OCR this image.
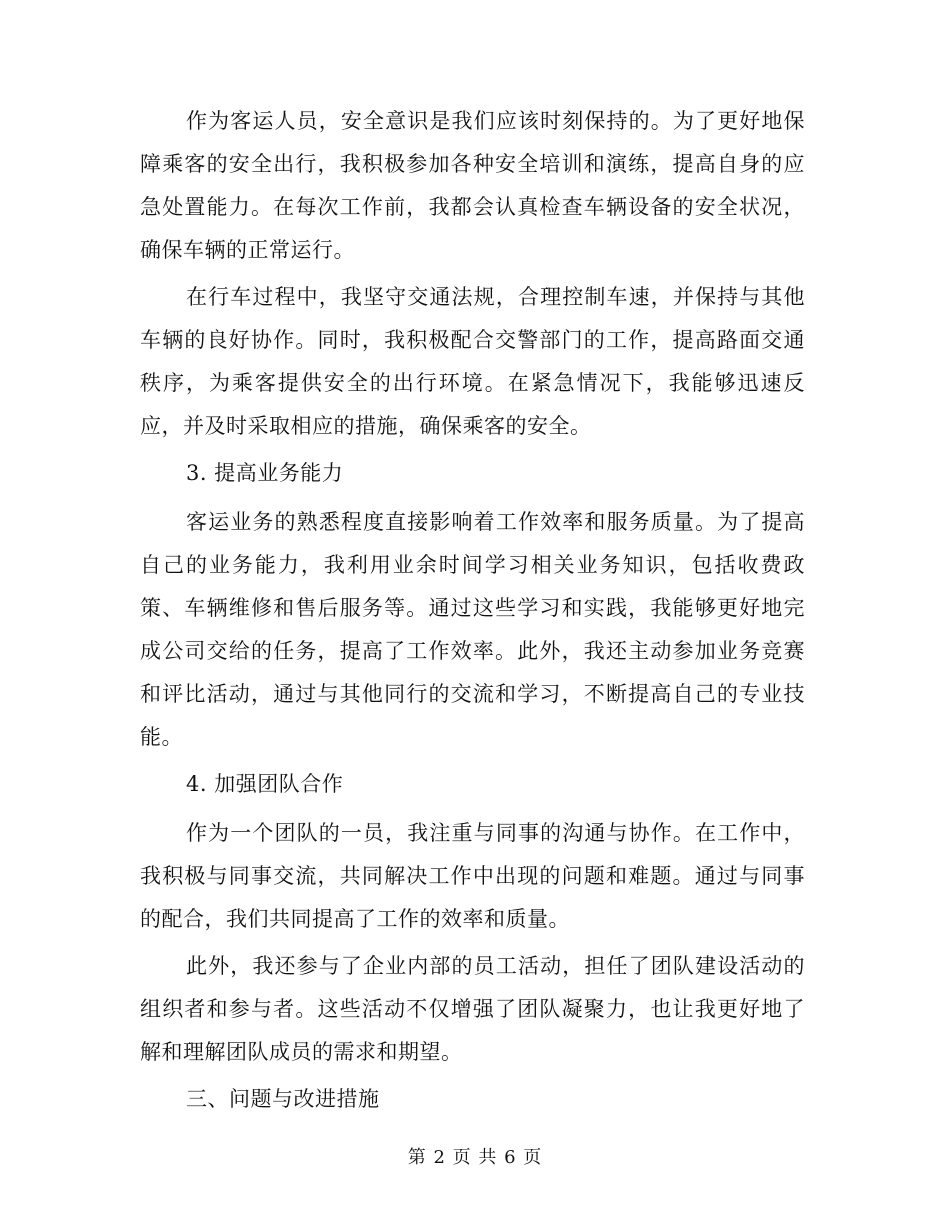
作为客运人员，安全意识是我们应该时刻保持的。为了更好地保障乘客的安全出行，我积极参加各种安全培训和演练，提高自身的应急处置能力。在每次工作前，我都会认真检查车辆设备的安全状况，确保车辆的正常运行。

在行车过程中，我坚守交通法规，合理控制车速，并保持与其他车辆的良好协作。同时，我积极配合交警部门的工作，提高路面交通秩序，为乘客提供安全的出行环境。在紧急情况下，我能够迅速反应，并及时采取相应的措施，确保乘客的安全。

3. 提高业务能力

客运业务的熟悉程度直接影响着工作效率和服务质量。为了提高自己的业务能力，我利用业余时间学习相关业务知识，包括收费政策、车辆维修和售后服务等。通过这些学习和实践，我能够更好地完成公司交给的任务，提高了工作效率。此外，我还主动参加业务竞赛和评比活动，通过与其他同行的交流和学习，不断提高自己的专业技能。

4. 加强团队合作

作为一个团队的一员，我注重与同事的沟通与协作。在工作中，我积极与同事交流，共同解决工作中出现的问题和难题。通过与同事的配合，我们共同提高了工作的效率和质量。

此外，我还参与了企业内部的员工活动，担任了团队建设活动的组织者和参与者。这些活动不仅增强了团队凝聚力，也让我更好地了解和理解团队成员的需求和期望。

三、问题与改进措施

第 2 页 共 6 页
